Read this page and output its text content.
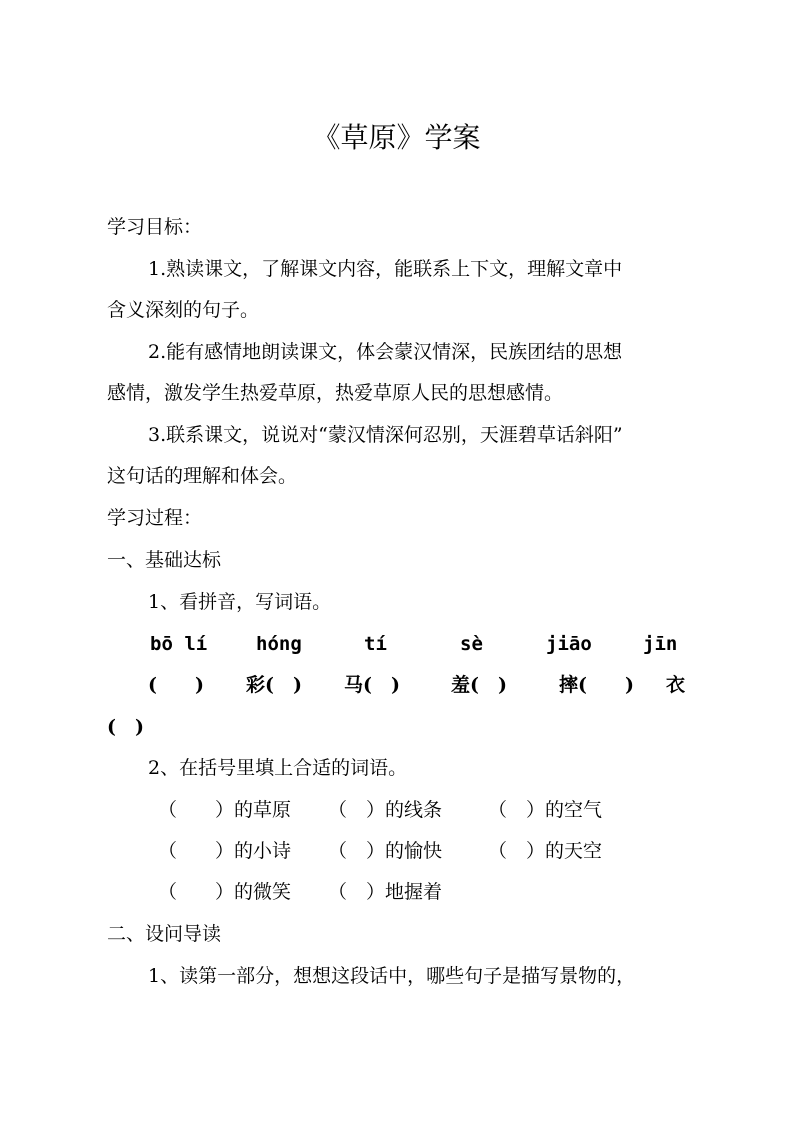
《草原》学案
学习目标：
1.熟读课文，了解课文内容，能联系上下文，理解文章中
含义深刻的句子。
2.能有感情地朗读课文，体会蒙汉情深，民族团结的思想
感情，激发学生热爱草原，热爱草原人民的思想感情。
3.联系课文，说说对“蒙汉情深何忍别，天涯碧草话斜阳”
这句话的理解和体会。
学习过程：
一、基础达标
1、看拼音，写词语。
bō lí	hóng	tí	sè	jiāo	jīn
(　　) 彩(　) 马(　)	羞(　)	摔(　　) 衣
(　)
2、在括号里填上合适的词语。
（　　）的草原 （　）的线条 （　）的空气
（　　）的小诗 （　）的愉快 （　）的天空
（　　）的微笑 （　）地握着
二、设问导读
1、读第一部分，想想这段话中，哪些句子是描写景物的，
